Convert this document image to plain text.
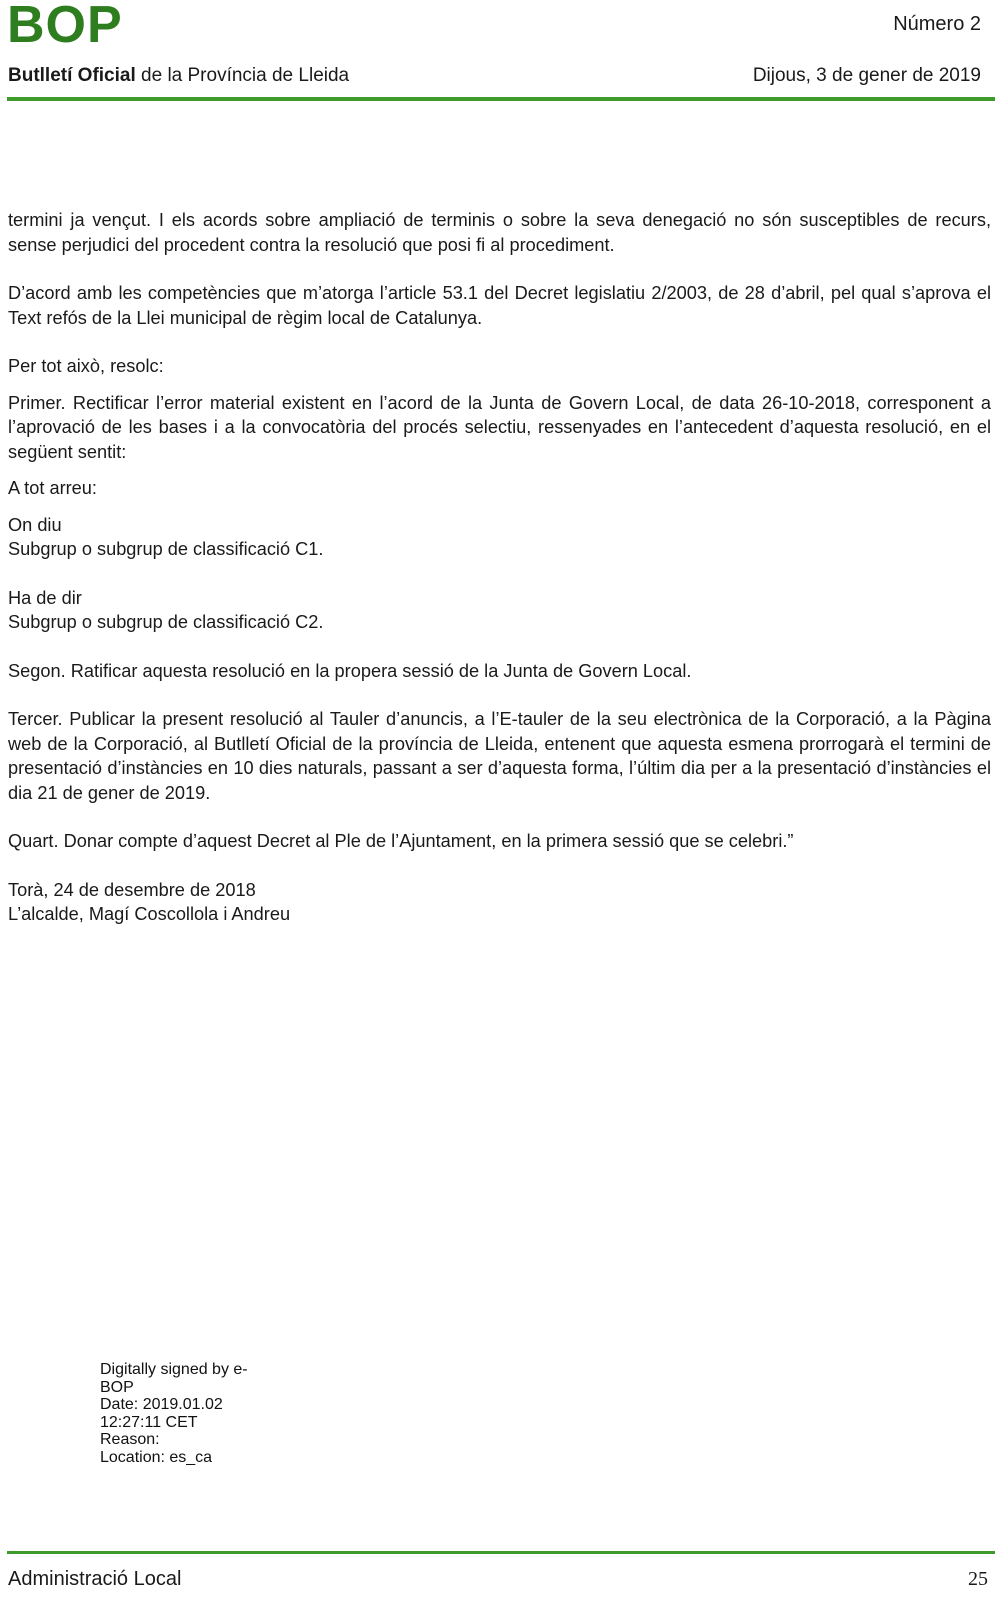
BOP	Número 2
Butlletí Oficial de la Província de Lleida	Dijous, 3 de gener de 2019

termini ja vençut. I els acords sobre ampliació de terminis o sobre la seva denegació no són susceptibles de recurs, sense perjudici del procedent contra la resolució que posi fi al procediment.

D’acord amb les competències que m’atorga l’article 53.1 del Decret legislatiu 2/2003, de 28 d’abril, pel qual s’aprova el Text refós de la Llei municipal de règim local de Catalunya.

Per tot això, resolc:

Primer. Rectificar l’error material existent en l’acord de la Junta de Govern Local, de data 26-10-2018, corresponent a l’aprovació de les bases i a la convocatòria del procés selectiu, ressenyades en l’antecedent d’aquesta resolució, en el següent sentit:

A tot arreu:

On diu

Subgrup o subgrup de classificació C1.

Ha de dir

Subgrup o subgrup de classificació C2.

Segon. Ratificar aquesta resolució en la propera sessió de la Junta de Govern Local.

Tercer. Publicar la present resolució al Tauler d’anuncis, a l’E-tauler de la seu electrònica de la Corporació, a la Pàgina web de la Corporació, al Butlletí Oficial de la província de Lleida, entenent que aquesta esmena prorrogarà el termini de presentació d’instàncies en 10 dies naturals, passant a ser d’aquesta forma, l’últim dia per a la presentació d’instàncies el dia 21 de gener de 2019.

Quart. Donar compte d’aquest Decret al Ple de l’Ajuntament, en la primera sessió que se celebri.”

Torà, 24 de desembre de 2018

L’alcalde, Magí Coscollola i Andreu

Digitally signed by e-
BOP
Date: 2019.01.02
12:27:11 CET
Reason:
Location: es_ca
Administració Local	25
